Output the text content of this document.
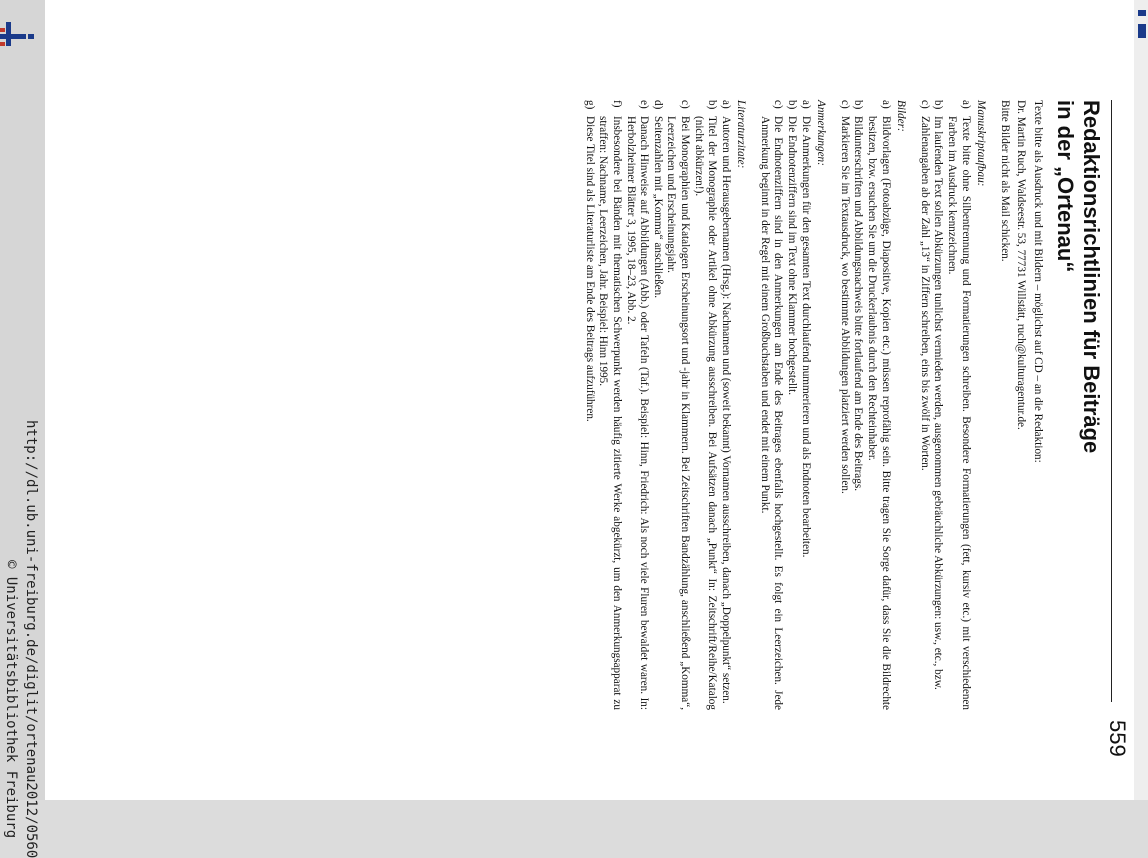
http://dl.ub.uni-freiburg.de/diglit/ortenau2012/0560
© Universitätsbibliothek Freiburg	559
Redaktionsrichtlinien für Beiträge
in der „Ortenau“

Texte bitte als Ausdruck und mit Bildern – möglichst auf CD – an die Redaktion:

Dr. Martin Ruch, Waldseestr. 53, 77731 Willstätt, ruch@kulturagentur.de.

Bitte Bilder nicht als Mail schicken.

Manuskriptaufbau:
a)
Texte bitte ohne Silbentrennung und Formatierungen schreiben. Besondere Formatierungen (fett, kursiv etc.) mit verschiedenen Farben im Ausdruck kennzeichnen.
b)
Im laufenden Text sollen Abkürzungen tunlichst vermieden werden, ausgenommen gebräuchliche Abkürzungen: usw., etc., bzw.
c)
Zahlenangaben ab der Zahl „13“ in Ziffern schreiben, eins bis zwölf in Worten.
Bilder:
a)
Bildvorlagen (Fotoabzüge, Diapositive, Kopien etc.) müssen reprofähig sein. Bitte tragen Sie Sorge dafür, dass Sie die Bildrechte besitzen, bzw. ersuchen Sie um die Druckerlaubnis durch den Rechteinhaber.
b)
Bildunterschriften und Abbildungsnachweis bitte fortlaufend am Ende des Beitrags.
c)
Markieren Sie im Textausdruck, wo bestimmte Abbildungen platziert werden sollen.
Anmerkungen:
a)
Die Anmerkungen für den gesamten Text durchlaufend nummerieren und als Endnoten bearbeiten.
b)
Die Endnotenziffern sind im Text ohne Klammer hochgestellt.
c)
Die Endnotenziffern sind in den Anmerkungen am Ende des Beitrages ebenfalls hochgestellt. Es folgt ein Leerzeichen. Jede Anmerkung beginnt in der Regel mit einem Großbuchstaben und endet mit einem Punkt.
Literaturzitate:
a)
Autoren und Herausgebernamen (Hrsg.): Nachnamen und (soweit bekannt) Vornamen ausschreiben, danach „Doppelpunkt“ setzen.
b)
Titel der Monographie oder Artikel ohne Abkürzung ausschreiben. Bei Aufsätzen danach „Punkt“ In: Zeitschrift/Reihe/Katalog (nicht abkürzen!).
c)
Bei Monographien und Katalogen Erscheinungsort und -jahr in Klammern. Bei Zeitschriften Bandzählung, anschließend „Komma“, Leerzeichen und Erscheinungsjahr.
d)
Seitenzahlen mit „Komma“ anschließen.
e)
Danach Hinweise auf Abbildungen (Abb.) oder Tafeln (Taf.). Beispiel: Hinn, Friedrich: Als noch viele Fluren bewaldet waren. In: Herbolzheimer Blätter 3, 1995, 18–23, Abb. 2.
f)
Insbesondere bei Bänden mit thematischen Schwerpunkt werden häufig zitierte Werke abgekürzt, um den Anmerkungsapparat zu straffen: Nachname, Leerzeichen, Jahr. Beispiel: Hinn 1995.
g)
Diese Titel sind als Literaturliste am Ende des Beitrags aufzuführen.
